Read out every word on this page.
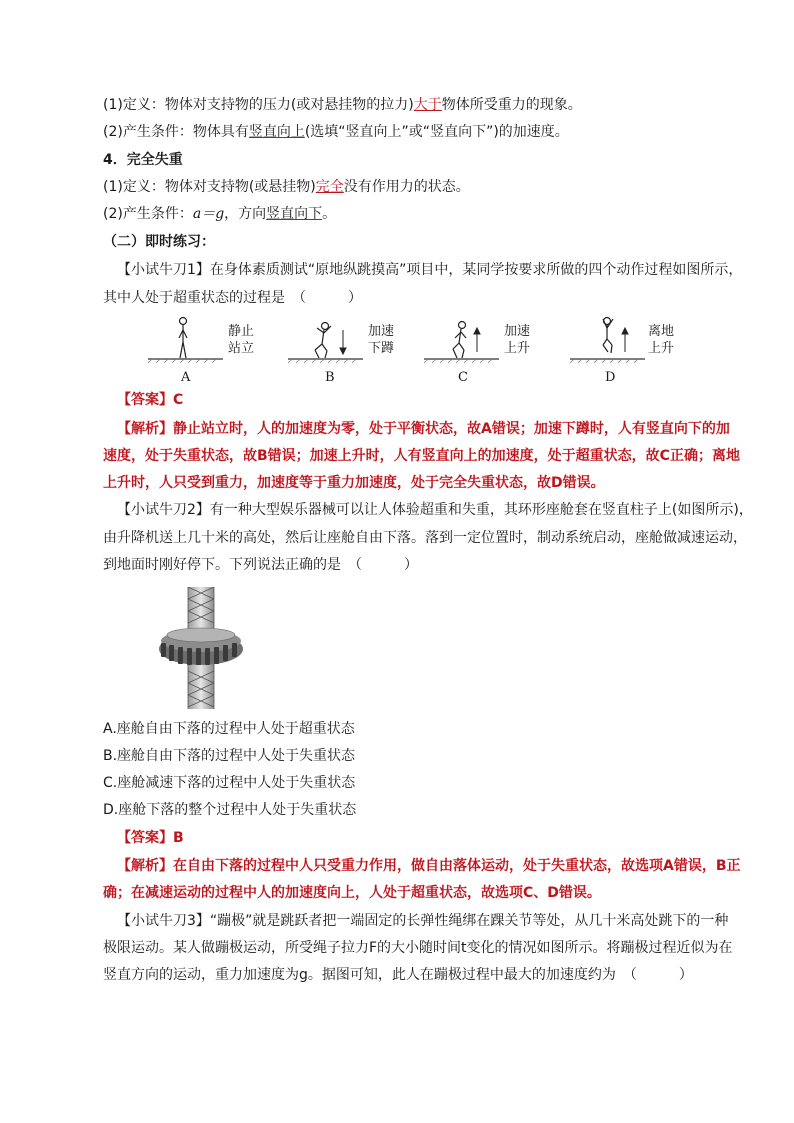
(1)定义：物体对支持物的压力(或对悬挂物的拉力)大于物体所受重力的现象。
(2)产生条件：物体具有竖直向上(选填“竖直向上”或“竖直向下”)的加速度。
4．完全失重
(1)定义：物体对支持物(或悬挂物)完全没有作用力的状态。
(2)产生条件：a＝g，方向竖直向下。
（二）即时练习：
【小试牛刀1】在身体素质测试“原地纵跳摸高”项目中，某同学按要求所做的四个动作过程如图所示，
其中人处于超重状态的过程是　（　　　）
静止
站立
A
加速
下蹲
B
加速
上升
C
离地
上升
D
【答案】C
【解析】静止站立时，人的加速度为零，处于平衡状态，故A错误；加速下蹲时，人有竖直向下的加
速度，处于失重状态，故B错误；加速上升时，人有竖直向上的加速度，处于超重状态，故C正确；离地
上升时，人只受到重力，加速度等于重力加速度，处于完全失重状态，故D错误。
【小试牛刀2】有一种大型娱乐器械可以让人体验超重和失重，其环形座舱套在竖直柱子上(如图所示)，
由升降机送上几十米的高处，然后让座舱自由下落。落到一定位置时，制动系统启动，座舱做减速运动，
到地面时刚好停下。下列说法正确的是　（　　　）
A.座舱自由下落的过程中人处于超重状态
B.座舱自由下落的过程中人处于失重状态
C.座舱减速下落的过程中人处于失重状态
D.座舱下落的整个过程中人处于失重状态
【答案】B
【解析】在自由下落的过程中人只受重力作用，做自由落体运动，处于失重状态，故选项A错误，B正
确；在减速运动的过程中人的加速度向上，人处于超重状态，故选项C、D错误。
【小试牛刀3】“蹦极”就是跳跃者把一端固定的长弹性绳绑在踝关节等处，从几十米高处跳下的一种
极限运动。某人做蹦极运动，所受绳子拉力F的大小随时间t变化的情况如图所示。将蹦极过程近似为在
竖直方向的运动，重力加速度为g。据图可知，此人在蹦极过程中最大的加速度约为　（　　　）
